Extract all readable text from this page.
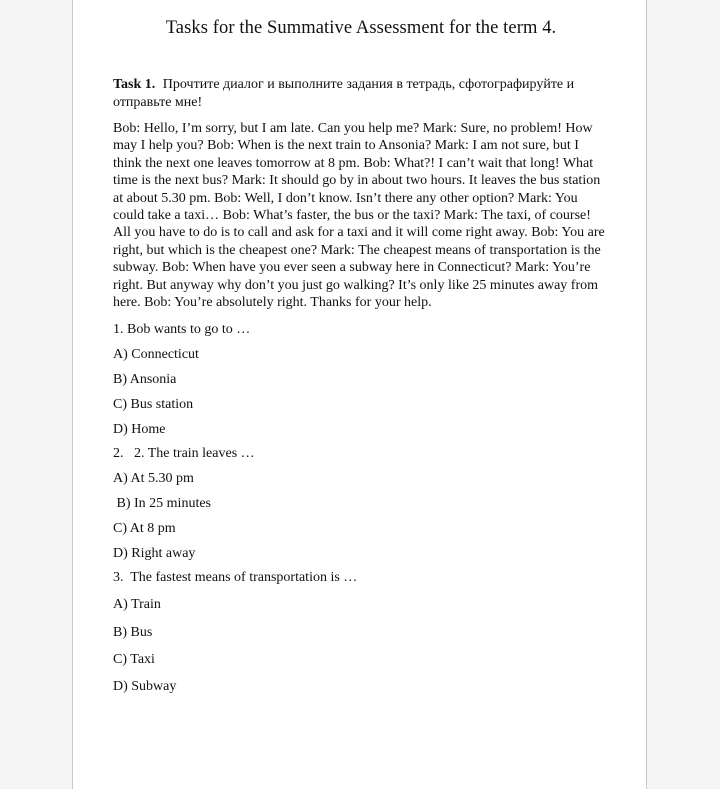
Tasks for the Summative Assessment for the term 4.
Task 1. Прочтите диалог и выполните задания в тетрадь, сфотографируйте и отправьте мне!

Bob: Hello, I’m sorry, but I am late. Can you help me? Mark: Sure, no problem! How may I help you? Bob: When is the next train to Ansonia? Mark: I am not sure, but I think the next one leaves tomorrow at 8 pm. Bob: What?! I can’t wait that long! What time is the next bus? Mark: It should go by in about two hours. It leaves the bus station at about 5.30 pm. Bob: Well, I don’t know. Isn’t there any other option? Mark: You could take a taxi… Bob: What’s faster, the bus or the taxi? Mark: The taxi, of course! All you have to do is to call and ask for a taxi and it will come right away. Bob: You are right, but which is the cheapest one? Mark: The cheapest means of transportation is the subway. Bob: When have you ever seen a subway here in Connecticut? Mark: You’re right. But anyway why don’t you just go walking? It’s only like 25 minutes away from here. Bob: You’re absolutely right. Thanks for your help.

1. Bob wants to go to …
A) Connecticut
B) Ansonia
C) Bus station
D) Home
2.   2. The train leaves …
A) At 5.30 pm
B) In 25 minutes
C) At 8 pm
D) Right away
3.  The fastest means of transportation is …
A) Train
B) Bus
C) Taxi
D) Subway
